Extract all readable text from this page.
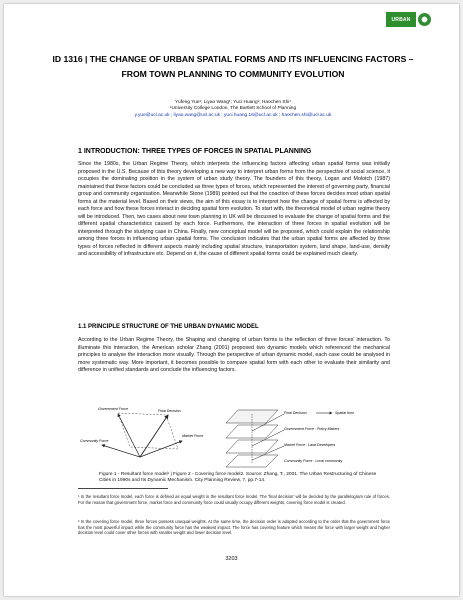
URBAN
ID 1316 | THE CHANGE OF URBAN SPATIAL FORMS AND ITS INFLUENCING FACTORS – FROM TOWN PLANNING TO COMMUNITY EVOLUTION
Yufeng Yue¹; Liyao Wang¹; Yuci Huang¹; Haochen Shi¹
¹University College London, The Bartlett School of Planning
y.yue@ucl.ac.uk ; liyao.wang@ucl.ac.uk ; yuci.huang.16@ucl.ac.uk ; haochen.shi@ucl.ac.uk
1 INTRODUCTION: THREE TYPES OF FORCES IN SPATIAL PLANNING

Since the 1980s, the Urban Regime Theory, which interprets the influencing factors affecting urban spatial forms was initially proposed in the U.S. Because of this theory developing a new way to interpret urban forms from the perspective of social science, it occupies the dominating position in the system of urban study theory. The founders of this theory, Logan and Molotch (1987) maintained that these factors could be concluded as three types of forces, which represented the interest of governing party, financial group and community organisation. Meanwhile Stone (1989) pointed out that the coaction of these forces decides most urban spatial forms at the material level. Based on their views, the aim of this essay is to interpret how the change of spatial forms is affected by each force and how these forces interact in deciding spatial form evolution. To start with, the theoretical model of urban regime theory will be introduced. Then, two cases about new town planning in UK will be discussed to evaluate the change of spatial forms and the different spatial characteristics caused by each force. Furthermore, the interaction of three forces in spatial evolution will be interpreted through the studying case in China. Finally, new conceptual model will be proposed, which could explain the relationship among three forces in influencing urban spatial forms. The conclusion indicates that the urban spatial forms are affected by three types of forces reflected in different aspects mainly including spatial structure, transportation system, land shape, land-use, density and accessibility of infrastructure etc. Depend on it, the cause of different spatial forms could be explained much clearly.

1.1 PRINCIPLE STRUCTURE OF THE URBAN DYNAMIC MODEL

According to the Urban Regime Theory, the Shaping and changing of urban forms is the reflection of three forces' interaction. To illuminate this interaction, the American scholar Zhang (2001) proposed two dynamic models which referenced the mechanical principles to analyse the interaction more visually. Through the perspective of urban dynamic model, each case could be analysed in more systematic way. More important, it becomes possible to compare spatial form with each other to evaluate their similarity and difference in unified standards and conclude the influencing factors.

Government Force
Market Force
Community Force
Final Decision	Final Decision	Spatial form
Government Force : Policy Makers
Market Force : Land Developers
Community Force : Local community
Figure 1 - Resultant force model¹ | Figure 2 - Covering force model2. Source: Zhang, T., 2001. The Urban Restructuring of Chinese Cities in 1990s and Its Dynamic Mechanism. City Planning Review, 7, pp.7-14.

¹ In the resultant force model, each force is defined as equal weight in the resultant force model. The 'final decision' will be decided by the parallelogram rule of forces. For the reason that government force, market force and community force could usually occupy different weights, covering force model is created.

² In the covering force model, three forces possess unequal weights. At the same time, the decision order is adopted according to the order that the government force has the most powerful impact while the community force has the weakest impact. The force has covering feature which means the force with larger weight and higher decision level could cover other forces with smaller weight and lower decision level.

3203
